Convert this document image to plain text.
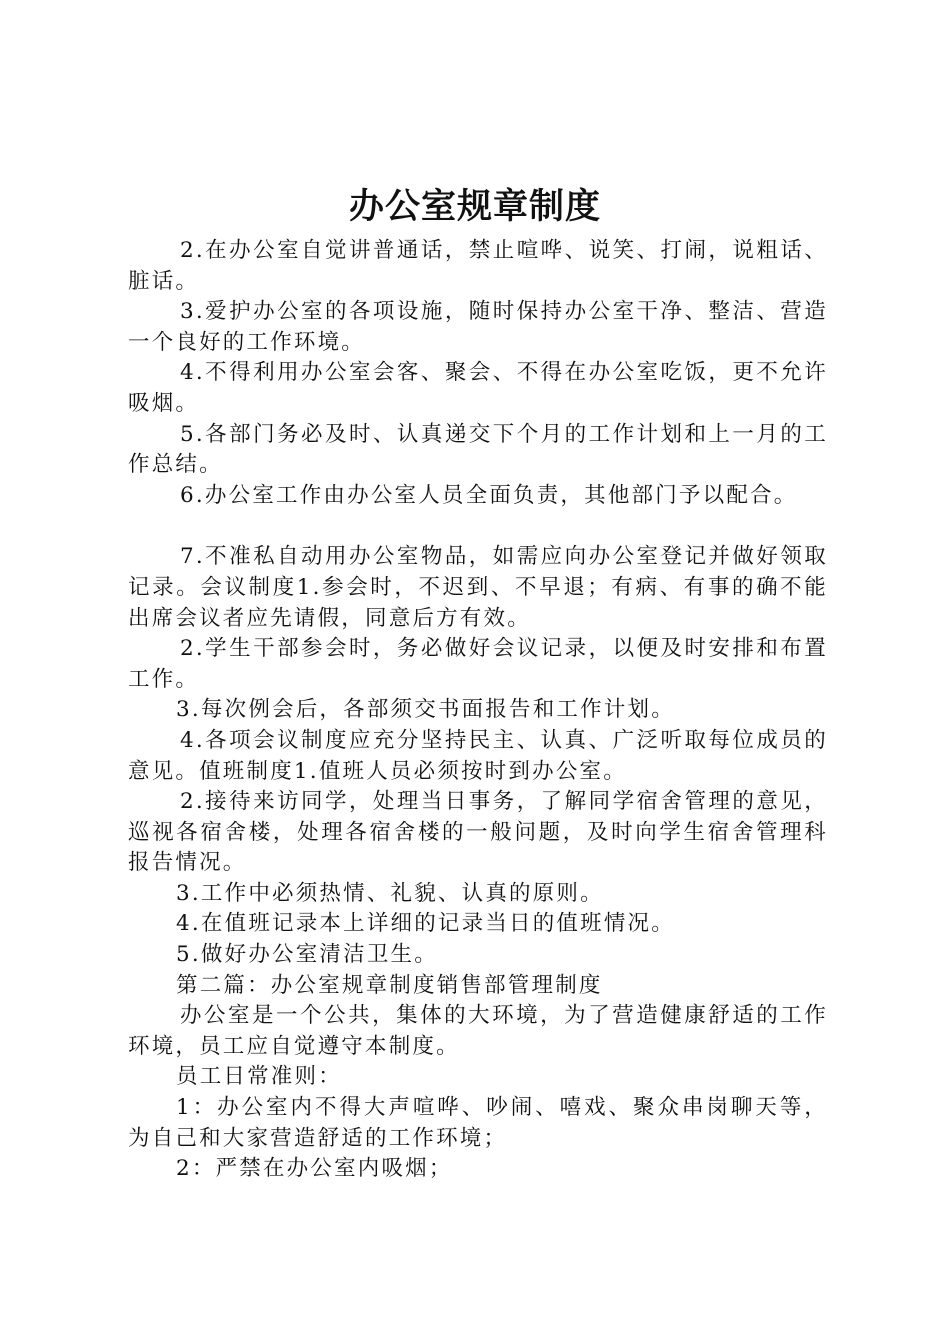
办公室规章制度

2.在办公室自觉讲普通话，禁止喧哗、说笑、打闹，说粗话、脏话。

3.爱护办公室的各项设施，随时保持办公室干净、整洁、营造一个良好的工作环境。

4.不得利用办公室会客、聚会、不得在办公室吃饭，更不允许吸烟。

5.各部门务必及时、认真递交下个月的工作计划和上一月的工作总结。

6.办公室工作由办公室人员全面负责，其他部门予以配合。

7.不准私自动用办公室物品，如需应向办公室登记并做好领取记录。会议制度1.参会时，不迟到、不早退；有病、有事的确不能出席会议者应先请假，同意后方有效。

2.学生干部参会时，务必做好会议记录，以便及时安排和布置工作。

3.每次例会后，各部须交书面报告和工作计划。

4.各项会议制度应充分坚持民主、认真、广泛听取每位成员的意见。值班制度1.值班人员必须按时到办公室。

2.接待来访同学，处理当日事务，了解同学宿舍管理的意见，巡视各宿舍楼，处理各宿舍楼的一般问题，及时向学生宿舍管理科报告情况。

3.工作中必须热情、礼貌、认真的原则。

4.在值班记录本上详细的记录当日的值班情况。

5.做好办公室清洁卫生。

第二篇：办公室规章制度销售部管理制度

办公室是一个公共，集体的大环境，为了营造健康舒适的工作环境，员工应自觉遵守本制度。

员工日常准则：

1：办公室内不得大声喧哗、吵闹、嘻戏、聚众串岗聊天等，为自己和大家营造舒适的工作环境；

2：严禁在办公室内吸烟；
